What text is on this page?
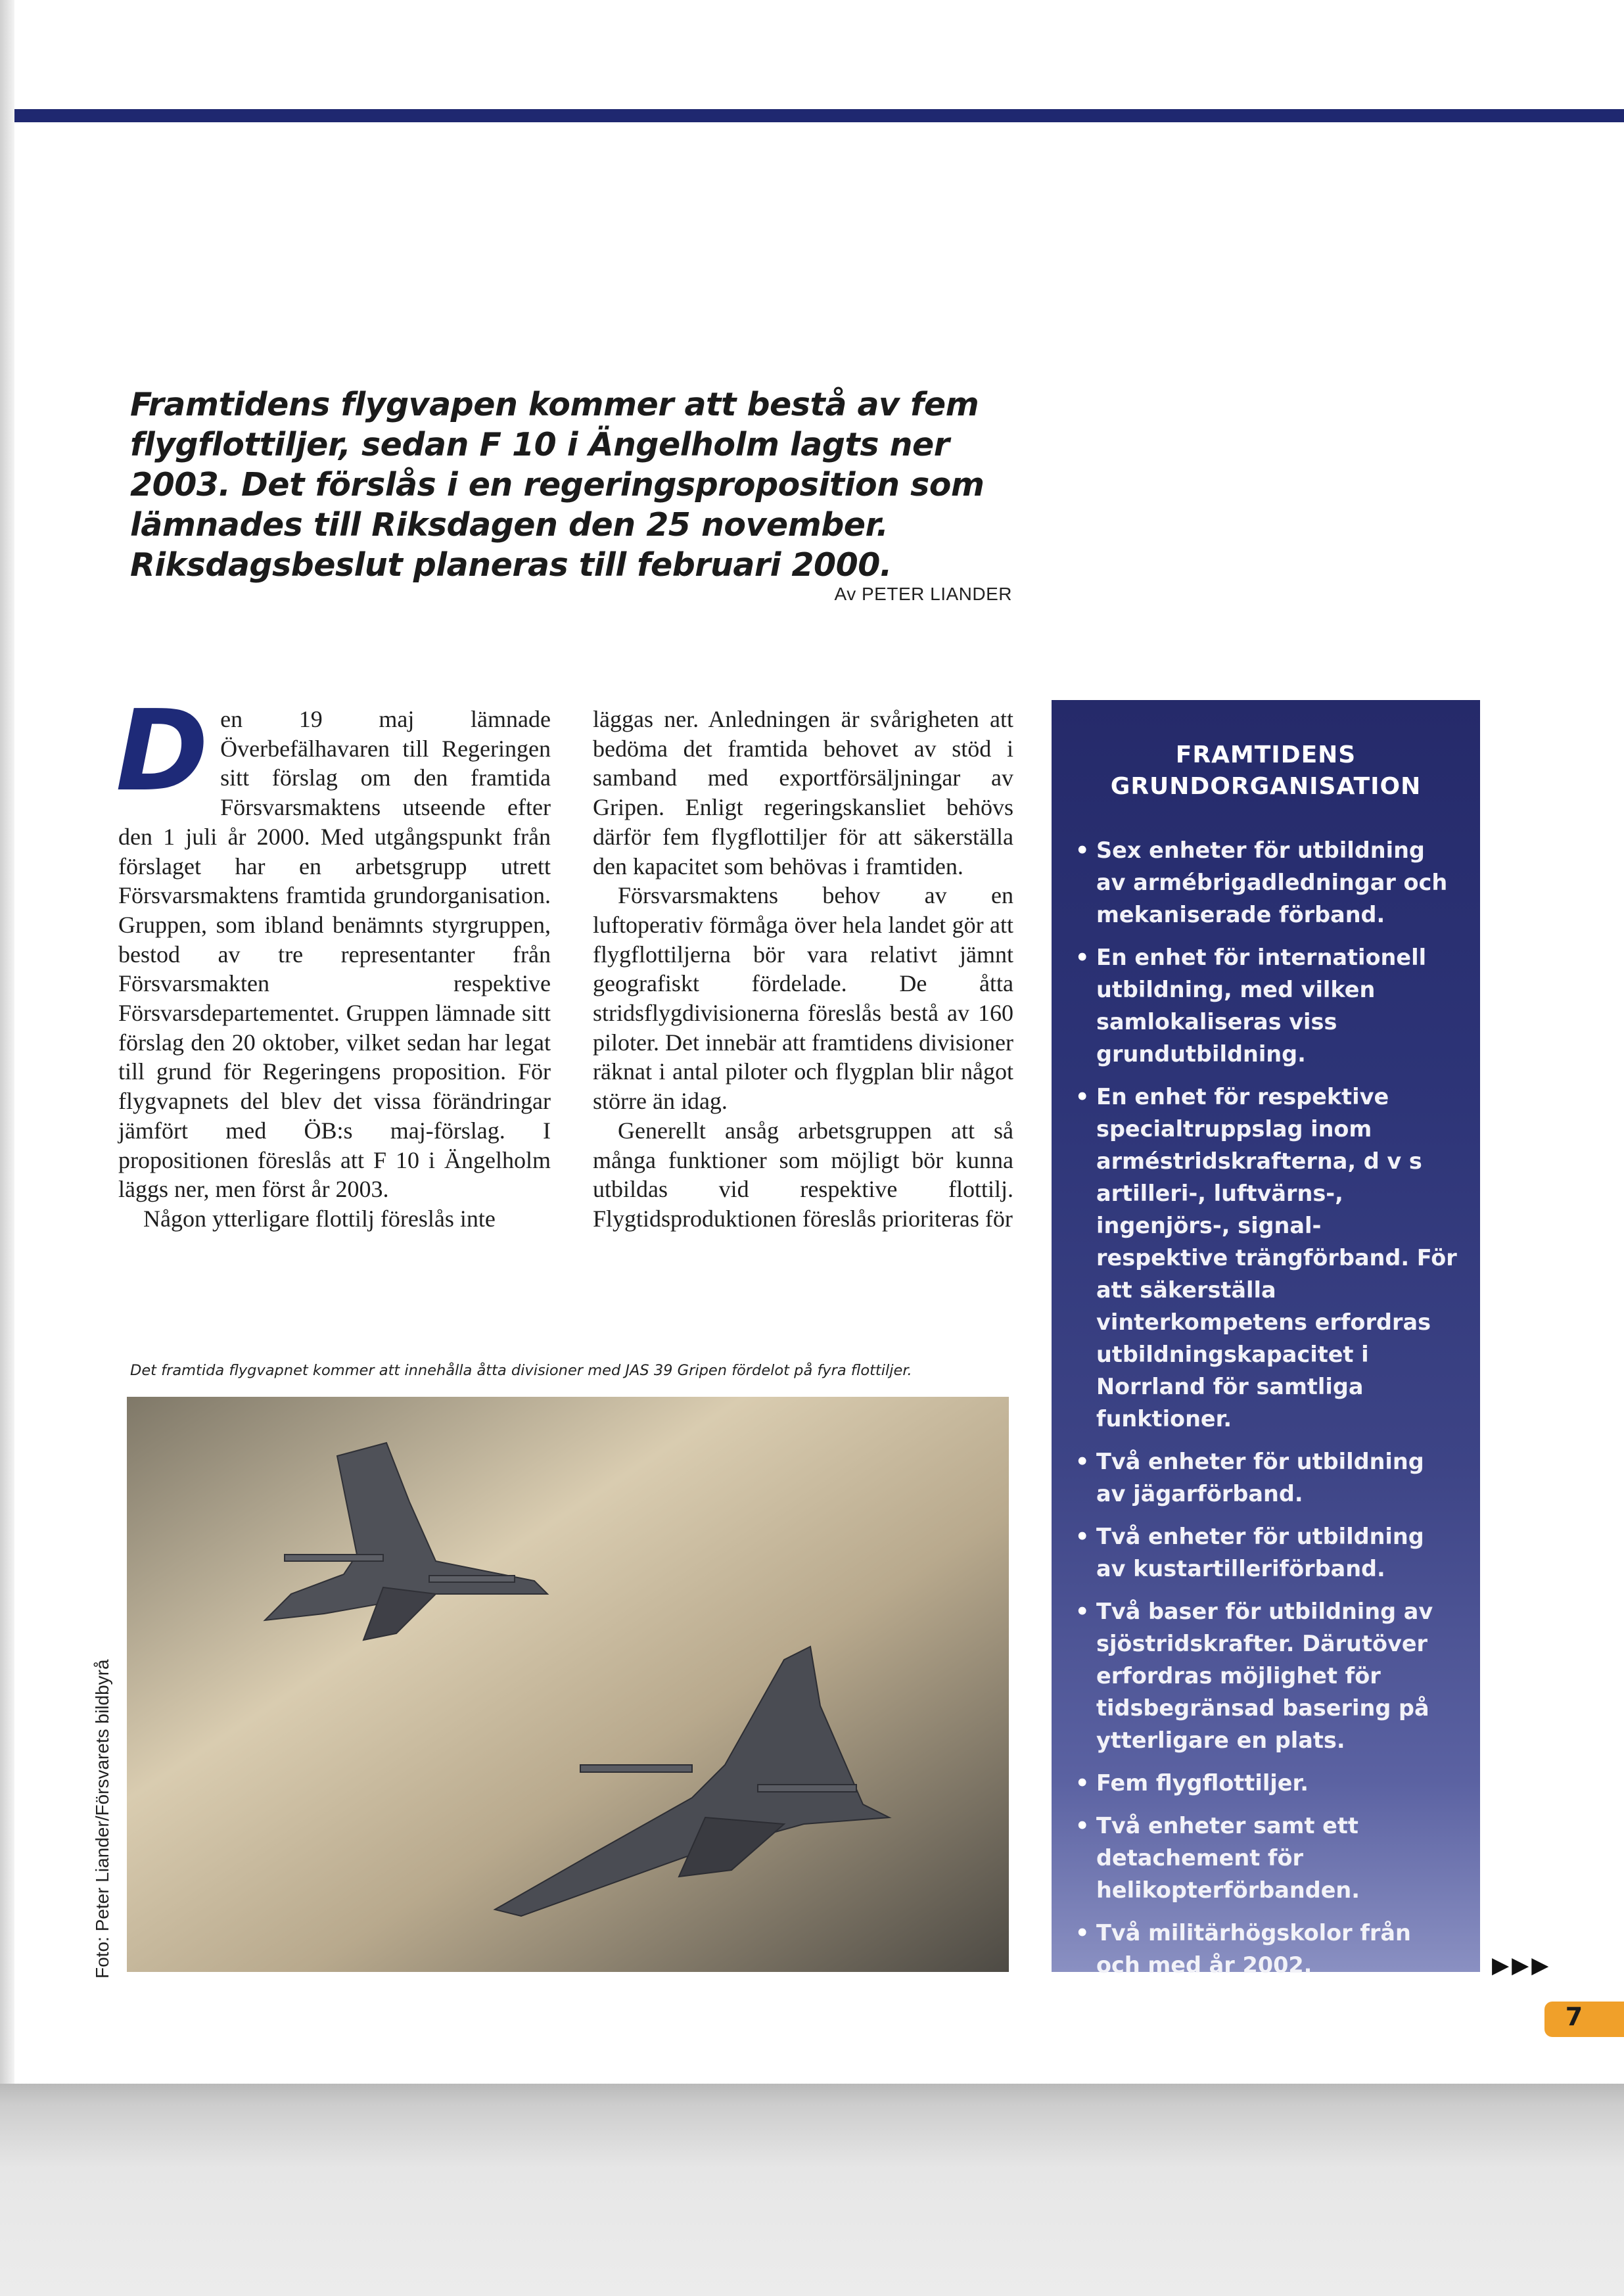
Framtidens flygvapen kommer att bestå av fem flygflottiljer, sedan F 10 i Ängelholm lagts ner 2003. Det förslås i en regeringsproposition som lämnades till Riksdagen den 25 november. Riksdagsbeslut planeras till februari 2000.

Av PETER LIANDER

Den 19 maj lämnade Överbefälhavaren till Regeringen sitt förslag om den framtida Försvarsmaktens utseende efter den 1 juli år 2000. Med utgångspunkt från förslaget har en arbetsgrupp utrett Försvarsmaktens framtida grundorganisation. Gruppen, som ibland benämnts styrgruppen, bestod av tre representanter från Försvarsmakten respektive Försvarsdepartementet. Gruppen lämnade sitt förslag den 20 oktober, vilket sedan har legat till grund för Regeringens proposition. För flygvapnets del blev det vissa förändringar jämfört med ÖB:s maj-förslag. I propositionen föreslås att F 10 i Ängelholm läggs ner, men först år 2003.

Någon ytterligare flottilj föreslås inte

läggas ner. Anledningen är svårigheten att bedöma det framtida behovet av stöd i samband med exportförsäljningar av Gripen. Enligt regeringskansliet behövs därför fem flygflottiljer för att säkerställa den kapacitet som behövas i framtiden.

Försvarsmaktens behov av en luftoperativ förmåga över hela landet gör att flygflottiljerna bör vara relativt jämnt geografiskt fördelade. De åtta stridsflygdivisionerna föreslås bestå av 160 piloter. Det innebär att framtidens divisioner räknat i antal piloter och flygplan blir något större än idag.

Generellt ansåg arbetsgruppen att så många funktioner som möjligt bör kunna utbildas vid respektive flottilj. Flygtidsproduktionen föreslås prioriteras för

Det framtida flygvapnet kommer att innehålla åtta divisioner med JAS 39 Gripen fördelot på fyra flottiljer.
Foto: Peter Liander/Försvarets bildbyrå
FRAMTIDENS
GRUNDORGANISATION
• Sex enheter för utbildning av armébrigadledningar och mekaniserade förband.
• En enhet för internationell utbildning, med vilken samlokaliseras viss grundutbildning.
• En enhet för respektive specialtruppslag inom arméstridskrafterna, d v s artilleri-, luftvärns-, ingenjörs-, signal- respektive trängförband. För att säkerställa vinterkompetens erfordras utbildningskapacitet i Norrland för samtliga funktioner.
• Två enheter för utbildning av jägarförband.
• Två enheter för utbildning av kustartilleriförband.
• Två baser för utbildning av sjöstridskrafter. Därutöver erfordras möjlighet för tidsbegränsad basering på ytterligare en plats.
• Fem flygflottiljer.
• Två enheter samt ett detachement för helikopterförbanden.
• Två militärhögskolor från och med år 2002.	▶▶▶
7
